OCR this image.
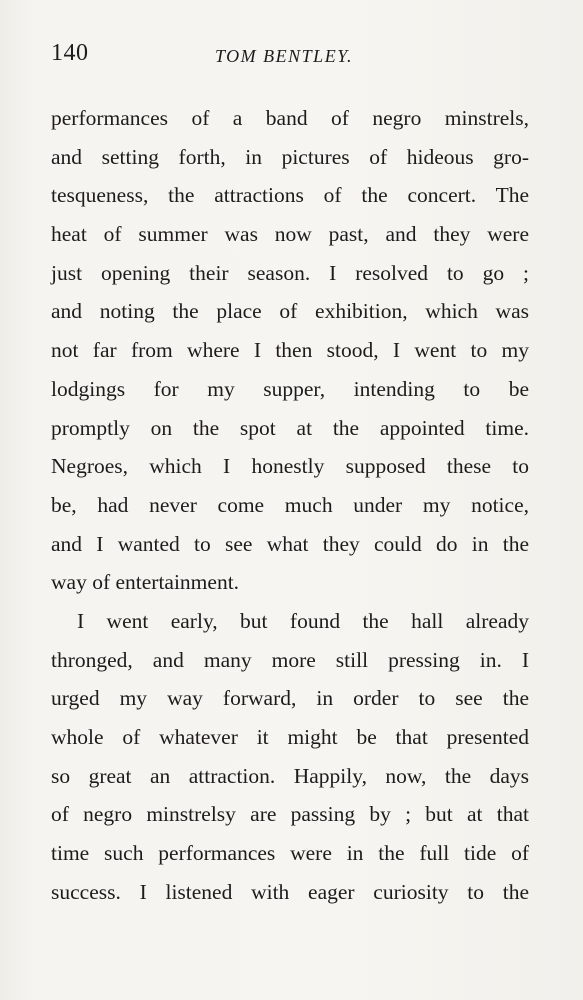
140	TOM BENTLEY.
performances of a band of negro minstrels,
and setting forth, in pictures of hideous gro-
tesqueness, the attractions of the concert. The
heat of summer was now past, and they were
just opening their season. I resolved to go ;
and noting the place of exhibition, which was
not far from where I then stood, I went to my
lodgings for my supper, intending to be
promptly on the spot at the appointed time.
Negroes, which I honestly supposed these to
be, had never come much under my notice,
and I wanted to see what they could do in the
way of entertainment.
I went early, but found the hall already
thronged, and many more still pressing in. I
urged my way forward, in order to see the
whole of whatever it might be that presented
so great an attraction. Happily, now, the days
of negro minstrelsy are passing by ; but at that
time such performances were in the full tide of
success. I listened with eager curiosity to the
